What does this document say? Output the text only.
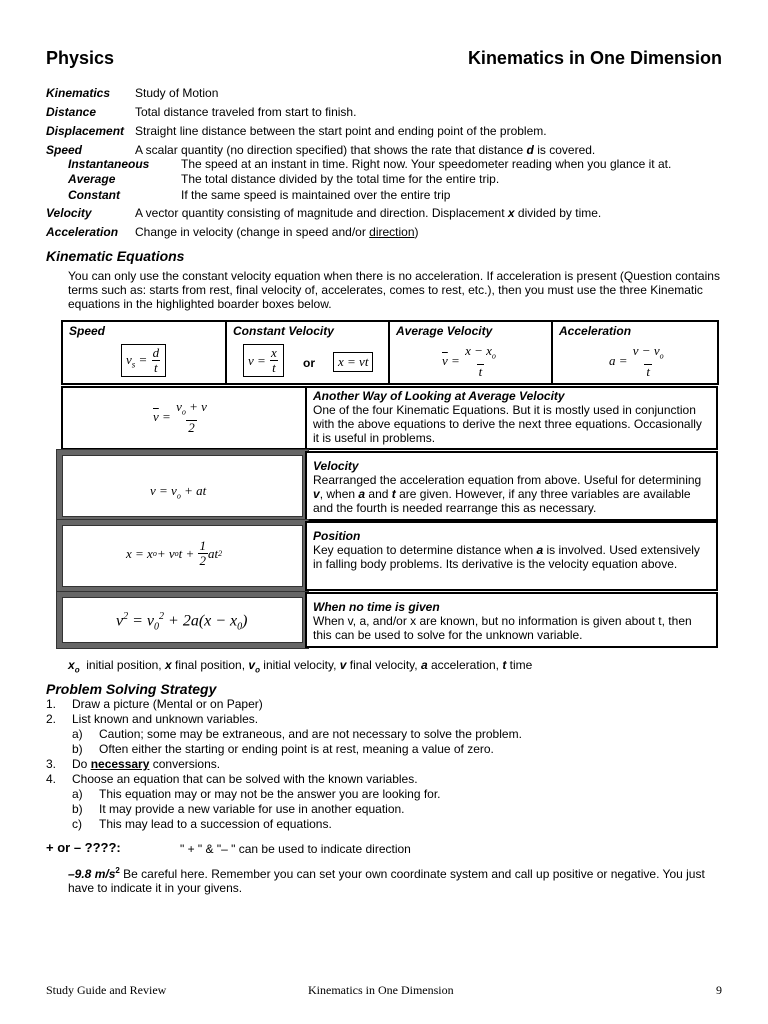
Physics	Kinematics in One Dimension
Kinematics Study of Motion
Distance	Total distance traveled from start to finish.
Displacement Straight line distance between the start point and ending point of the problem.
Speed	A scalar quantity (no direction specified) that shows the rate that distance d is covered.
Instantaneous	The speed at an instant in time. Right now. Your speedometer reading when you glance it at.
Average	The total distance divided by the total time for the entire trip.
Constant	If the same speed is maintained over the entire trip
Velocity	A vector quantity consisting of magnitude and direction. Displacement x divided by time.
Acceleration Change in velocity (change in speed and/or direction)
Kinematic Equations
You can only use the constant velocity equation when there is no acceleration. If acceleration is present (Question contains terms such as: starts from rest, final velocity of, accelerates, comes to rest, etc.), then you must use the three Kinematic equations in the highlighted boarder boxes below.
Speed
$v_s = \frac{d}{t}$
Constant Velocity
$v = \frac{x}{t}$ or	x = vt
Average Velocity
$\overline{v} = \frac{x - x_o}{t}$
Acceleration
$a = \frac{v - v_o}{t}$
$\overline{v} = \frac{v_o + v}{2}$
Another Way of Looking at Average Velocity
One of the four Kinematic Equations. But it is mostly used in conjunction with the above equations to derive the next three equations. Occasionally it is useful in problems.
$v = v_o$ + at
Velocity
Rearranged the acceleration equation from above. Useful for determining v, when a and t are given. However, if any three variables are available and the fourth is needed rearrange this as necessary.
x = x o + v o $t + \frac{1}{2}$ at 2
Position
Key equation to determine distance when a is involved. Used extensively in falling body problems. Its derivative is the velocity equation above.
$v^2 = v_0^2 + 2a(x - x_0)$
When no time is given
When v, a, and/or x are known, but no information is given about t, then this can be used to solve for the unknown variable.
$x_o$  initial position, x final position, $v_o$ initial velocity, v final velocity, a acceleration, t time
Problem Solving Strategy
1. Draw a picture (Mental or on Paper)
2. List known and unknown variables.
a) Caution; some may be extraneous, and are not necessary to solve the problem.
b) Often either the starting or ending point is at rest, meaning a value of zero.
3. Do necessary conversions.
4. Choose an equation that can be solved with the known variables.
a) This equation may or may not be the answer you are looking for.
b) It may provide a new variable for use in another equation.
c) This may lead to a succession of equations.
+ or – ????:	" + " & "– " can be used to indicate direction
–9.8 $m/s^2$ Be careful here. Remember you can set your own coordinate system and call up positive or negative. You just have to indicate it in your givens.
Study Guide and Review	Kinematics in One Dimension	9
